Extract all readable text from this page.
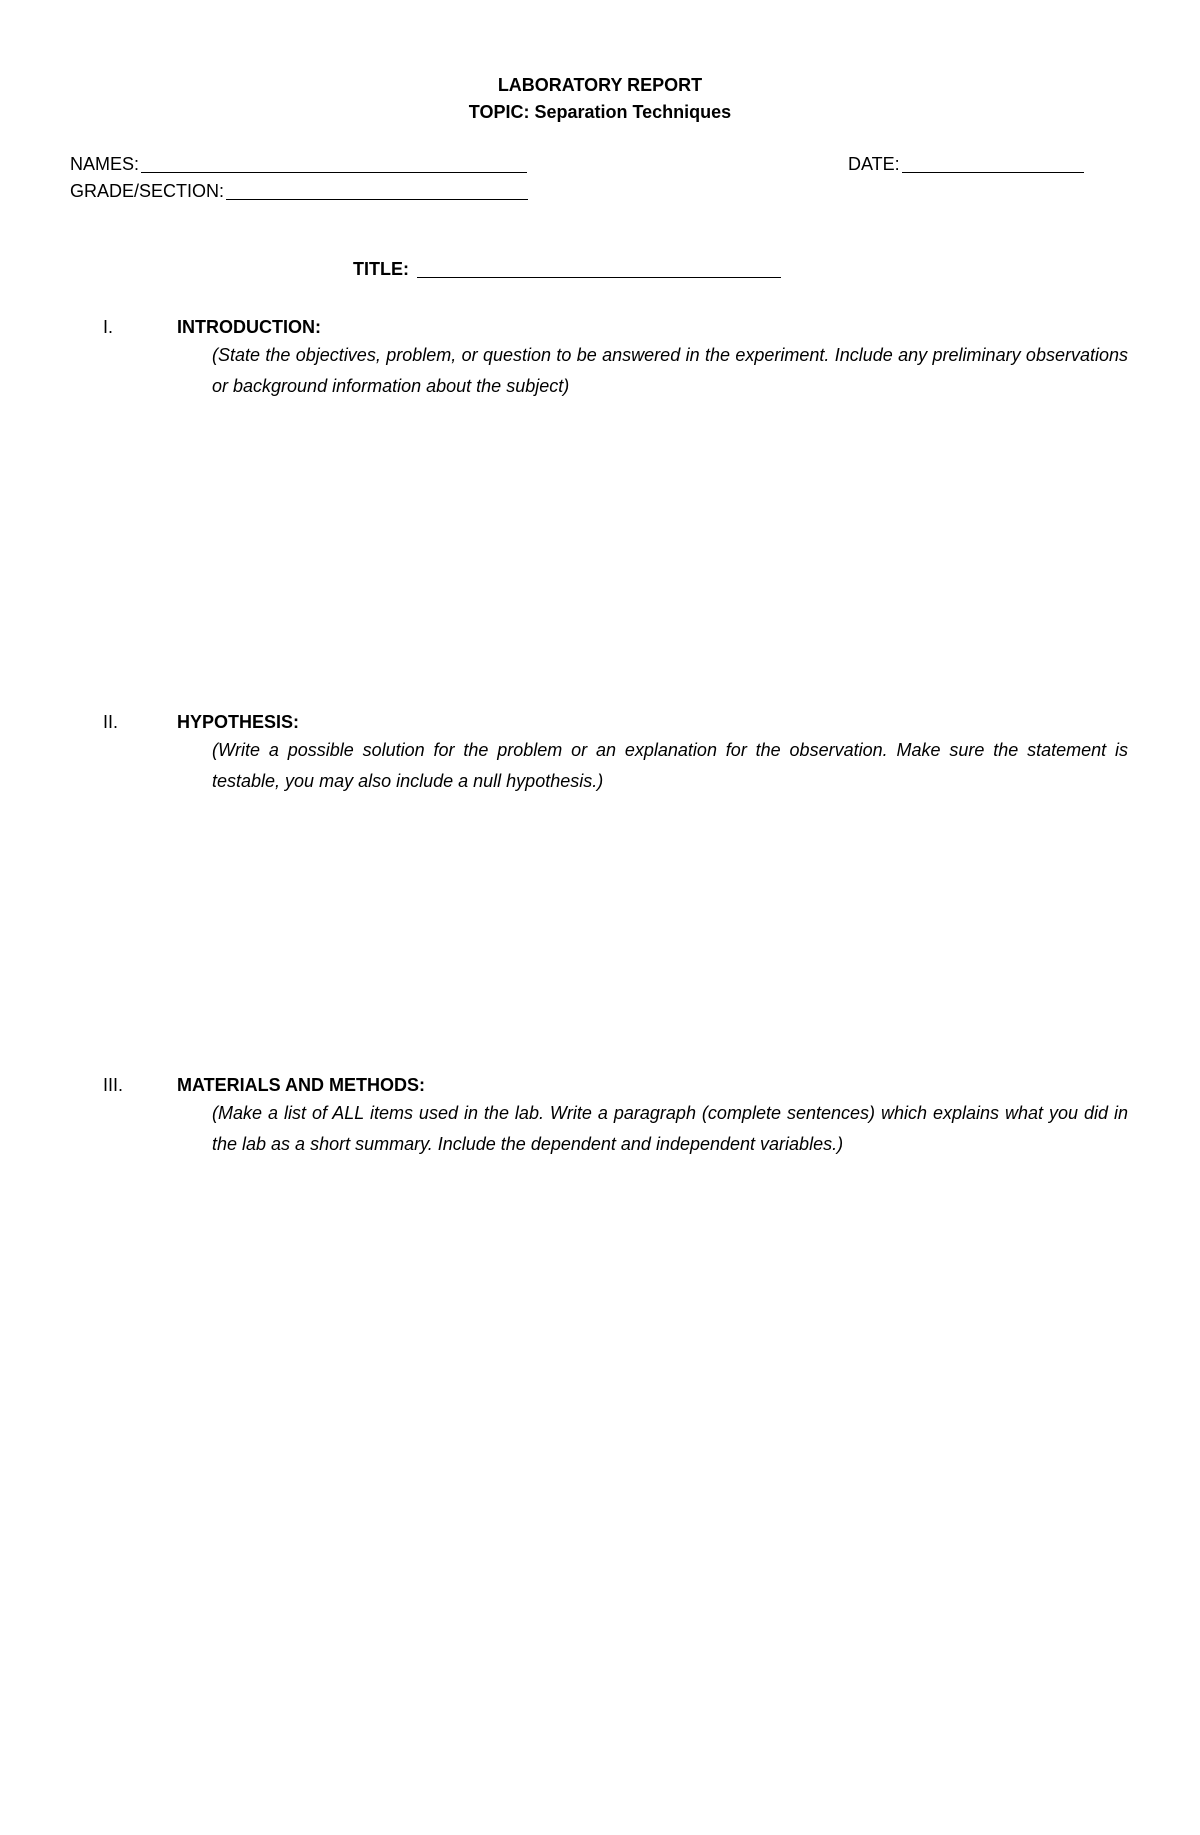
LABORATORY REPORT
TOPIC: Separation Techniques
NAMES:	DATE:
GRADE/SECTION:
TITLE:
I.	INTRODUCTION:
(State the objectives, problem, or question to be answered in the experiment. Include any preliminary observations or background information about the subject)
II.	HYPOTHESIS:
(Write a possible solution for the problem or an explanation for the observation. Make sure the statement is testable, you may also include a null hypothesis.)
III.	MATERIALS AND METHODS:
(Make a list of ALL items used in the lab. Write a paragraph (complete sentences) which explains what you did in the lab as a short summary. Include the dependent and independent variables.)
